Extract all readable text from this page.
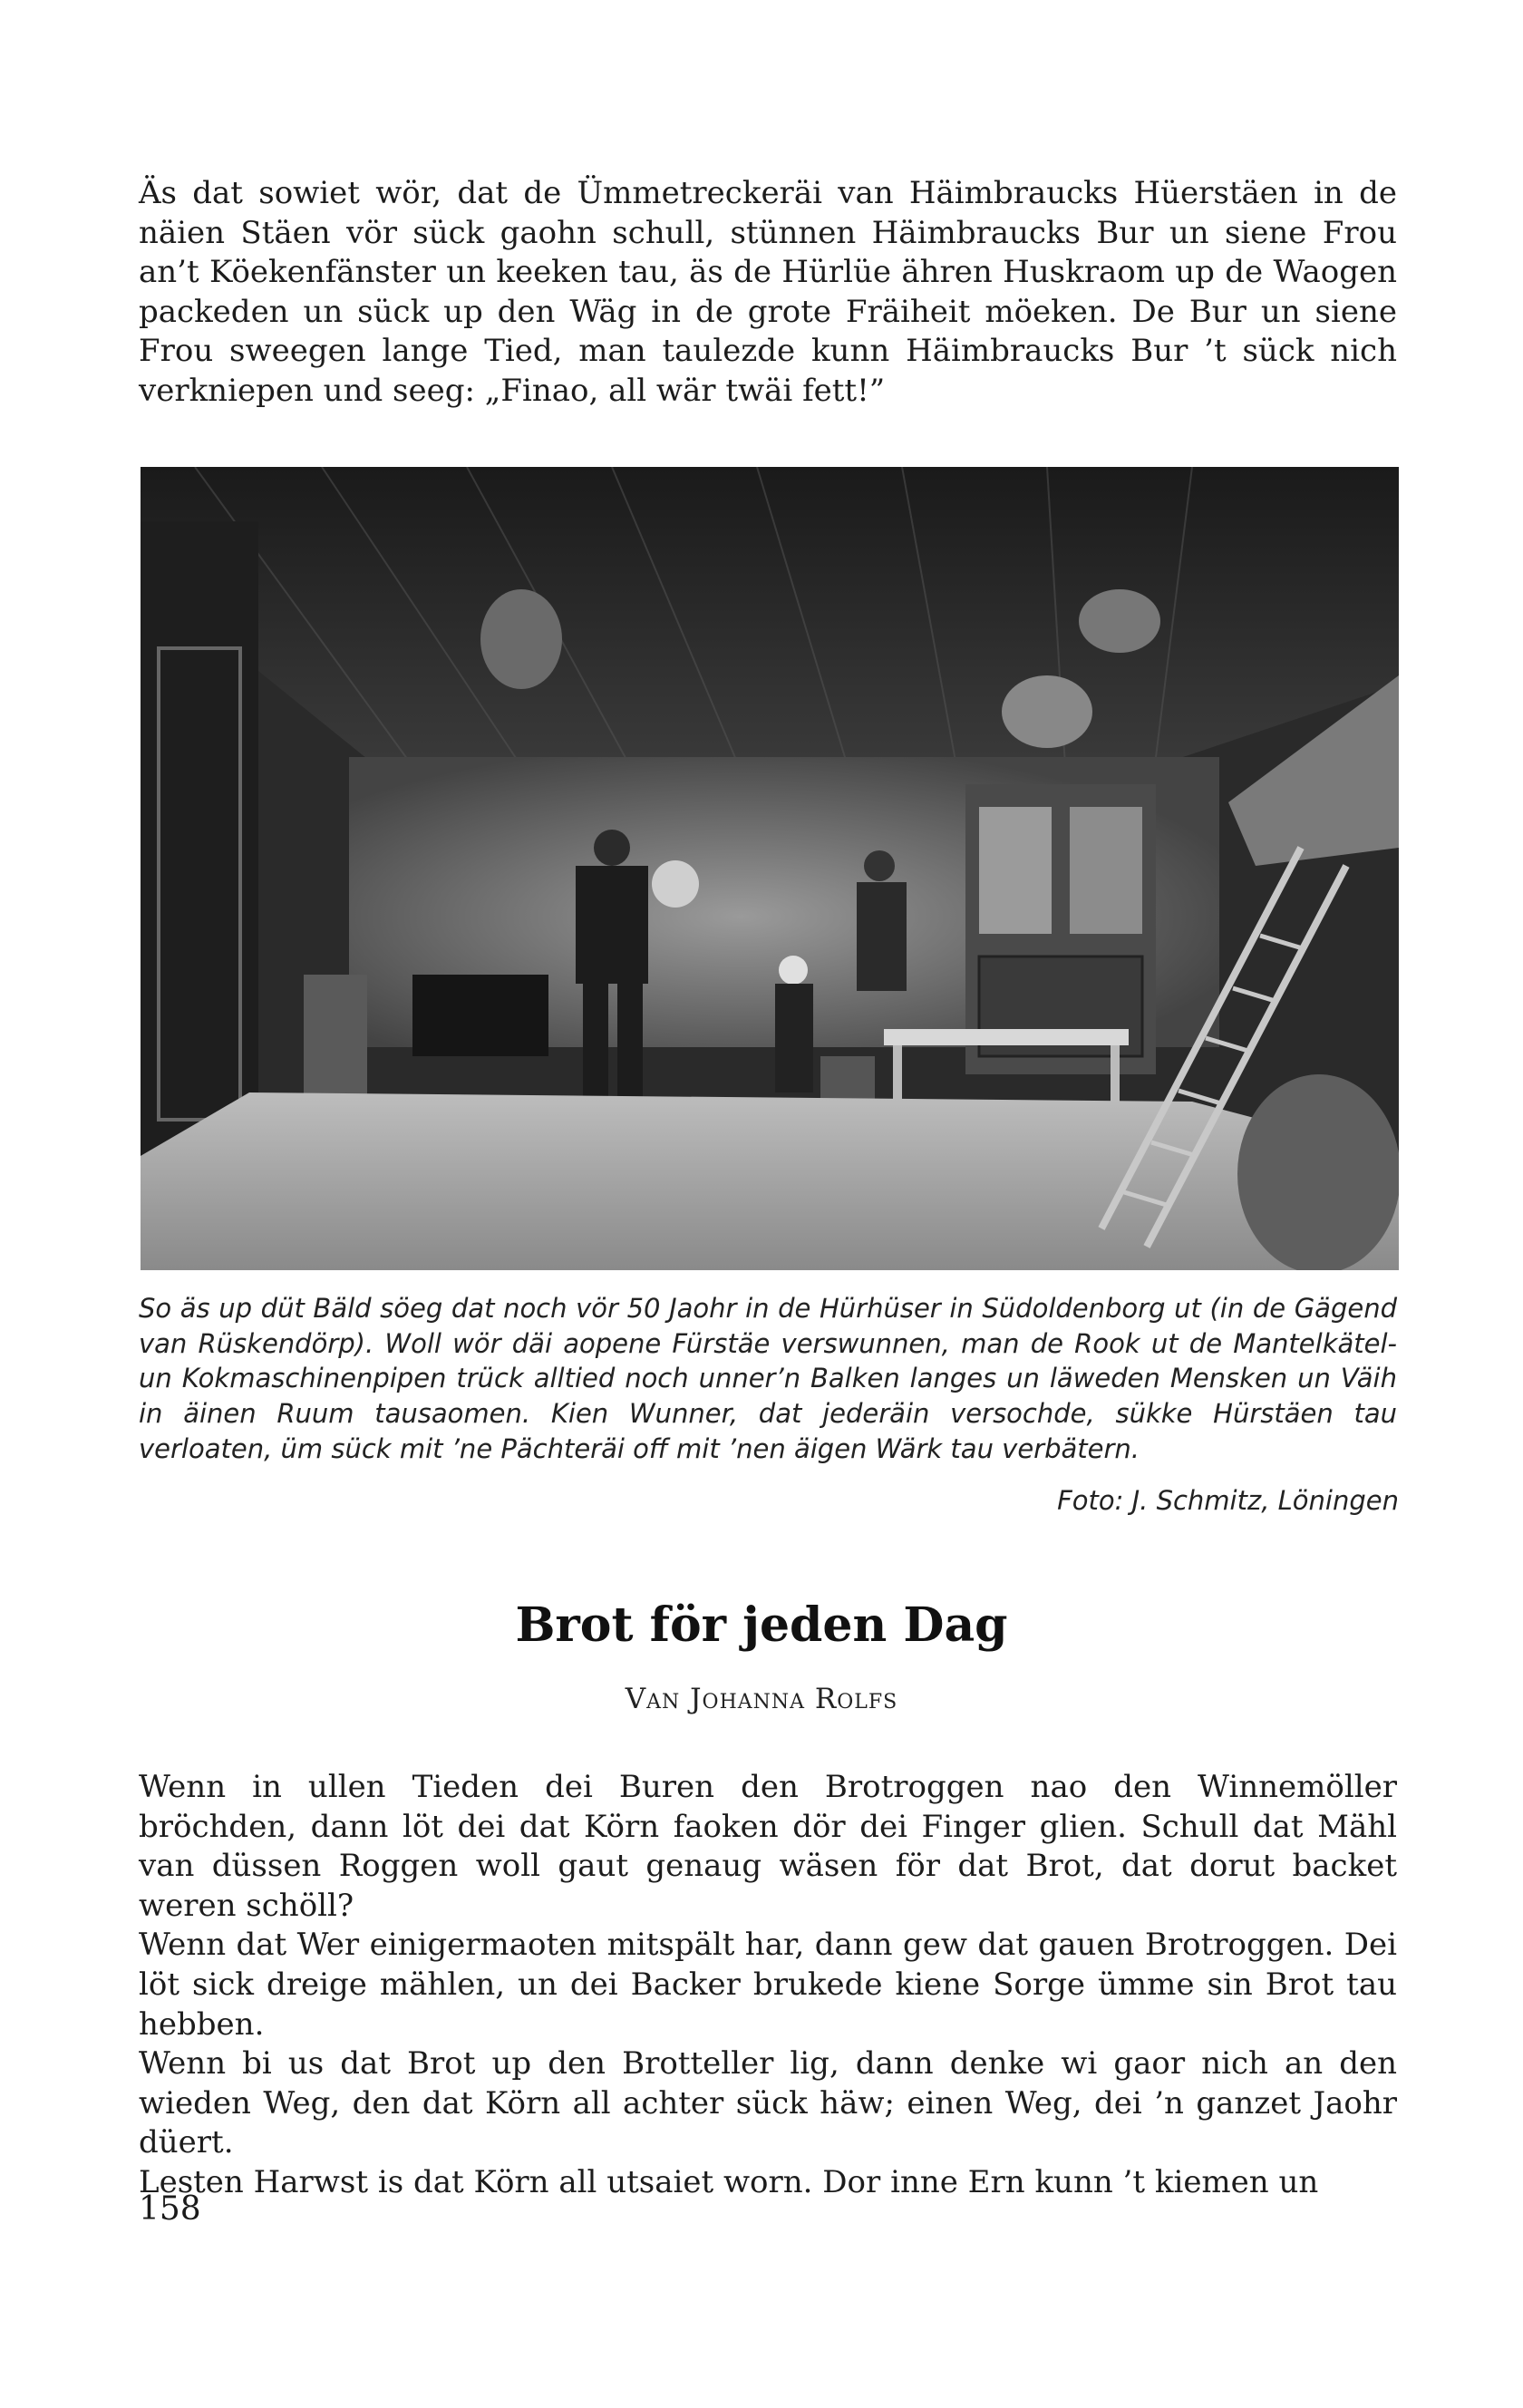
Äs dat sowiet wör, dat de Ümmetreckeräi van Häimbraucks Hüerstäen in de näien Stäen vör sück gaohn schull, stünnen Häimbraucks Bur un siene Frou an’t Köekenfänster un keeken tau, äs de Hürlüe ähren Huskraom up de Waogen packeden un sück up den Wäg in de grote Fräiheit möeken. De Bur un siene Frou sweegen lange Tied, man taulezde kunn Häimbraucks Bur ’t sück nich verkniepen und seeg: „Finao, all wär twäi fett!”

So äs up düt Bäld söeg dat noch vör 50 Jaohr in de Hürhüser in Südoldenborg ut (in de Gägend van Rüskendörp). Woll wör däi aopene Fürstäe verswunnen, man de Rook ut de Mantelkätel- un Kokmaschinenpipen trück alltied noch unner’n Balken langes un läweden Mensken un Väih in äinen Ruum tausaomen. Kien Wunner, dat jederäin versochde, sükke Hürstäen tau verloaten, üm sück mit ’ne Pächteräi off mit ’nen äigen Wärk tau verbätern.

Foto: J. Schmitz, Löningen
Brot för jeden Dag
Van Johanna Rolfs

Wenn in ullen Tieden dei Buren den Brotroggen nao den Winnemöller bröchden, dann löt dei dat Körn faoken dör dei Finger glien. Schull dat Mähl van düssen Roggen woll gaut genaug wäsen för dat Brot, dat dorut backet weren schöll?

Wenn dat Wer einigermaoten mitspält har, dann gew dat gauen Brotroggen. Dei löt sick dreige mählen, un dei Backer brukede kiene Sorge ümme sin Brot tau hebben.

Wenn bi us dat Brot up den Brotteller lig, dann denke wi gaor nich an den wieden Weg, den dat Körn all achter sück häw; einen Weg, dei ’n ganzet Jaohr düert.

Lesten Harwst is dat Körn all utsaiet worn. Dor inne Ern kunn ’t kiemen un

158
